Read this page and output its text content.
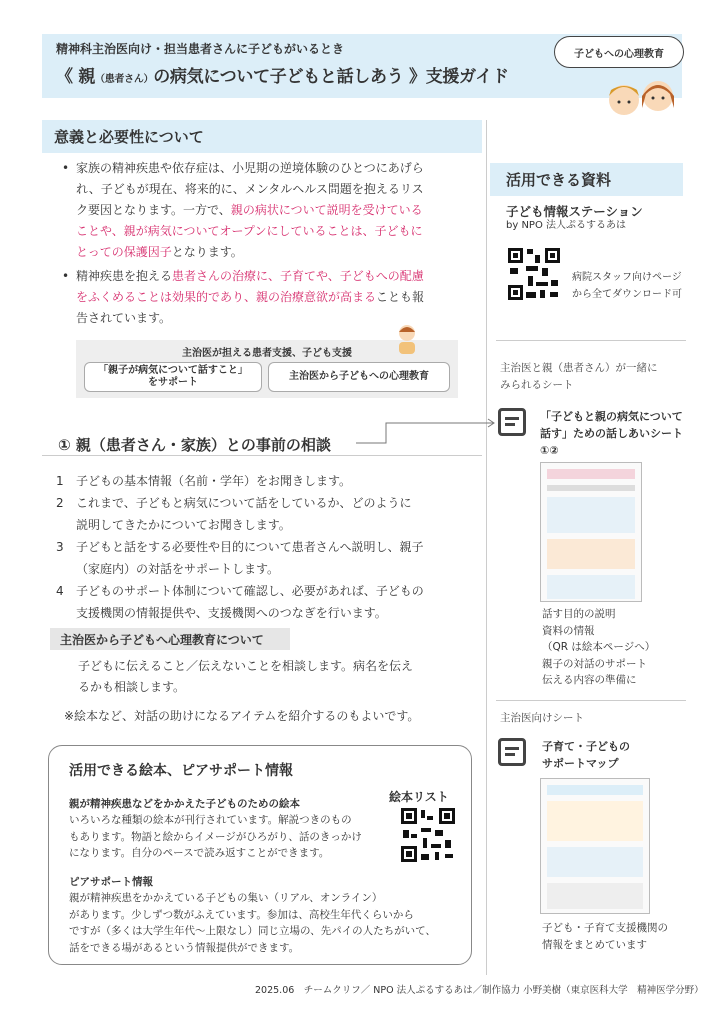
精神科主治医向け・担当患者さんに子どもがいるとき
《 親（患者さん）の病気について子どもと話しあう 》支援ガイド
子どもへの心理教育
意義と必要性について
• 家族の精神疾患や依存症は、小児期の逆境体験のひとつにあげら
れ、子どもが現在、将来的に、メンタルヘルス問題を抱えるリス
ク要因となります。一方で、親の病状について説明を受けている
ことや、親が病気についてオープンにしていることは、子どもに
とっての保護因子となります。
• 精神疾患を抱える患者さんの治療に、子育てや、子どもへの配慮
をふくめることは効果的であり、親の治療意欲が高まることも報
告されています。
主治医が担える患者支援、子ども支援
「親子が病気について話すこと」
をサポート
主治医から子どもへの心理教育
① 親（患者さん・家族）との事前の相談
1	子どもの基本情報（名前・学年）をお聞きします。
2	これまで、子どもと病気について話をしているか、どのように
説明してきたかについてお聞きします。
3	子どもと話をする必要性や目的について患者さんへ説明し、親子
（家庭内）の対話をサポートします。
4	子どものサポート体制について確認し、必要があれば、子どもの
支援機関の情報提供や、支援機関へのつなぎを行います。
主治医から子どもへ心理教育について
子どもに伝えること／伝えないことを相談します。病名を伝え
るかも相談します。
※絵本など、対話の助けになるアイテムを紹介するのもよいです。
活用できる絵本、ピアサポート情報
絵本リスト
親が精神疾患などをかかえた子どものための絵本
いろいろな種類の絵本が刊行されています。解説つきのもの
もあります。物語と絵からイメージがひろがり、話のきっかけ
になります。自分のペースで読み返すことができます。
ピアサポート情報
親が精神疾患をかかえている子どもの集い（リアル、オンライン）
があります。少しずつ数がふえています。参加は、高校生年代くらいから
ですが（多くは大学生年代〜上限なし）同じ立場の、先パイの人たちがいて、
話をできる場があるという情報提供ができます。
活用できる資料
子ども情報ステーション
by NPO 法人ぷるするあは
病院スタッフ向けページ
から全てダウンロード可
主治医と親（患者さん）が一緒に
みられるシート
「子どもと親の病気について
話す」ための話しあいシート
①②
話す目的の説明
資料の情報
（QR は絵本ページへ）
親子の対話のサポート
伝える内容の準備に
主治医向けシート
子育て・子どもの
サポートマップ
子ども・子育て支援機関の
情報をまとめています
2025.06　チームクリフ／ NPO 法人ぷるするあは／制作協力 小野美樹（東京医科大学　精神医学分野）
